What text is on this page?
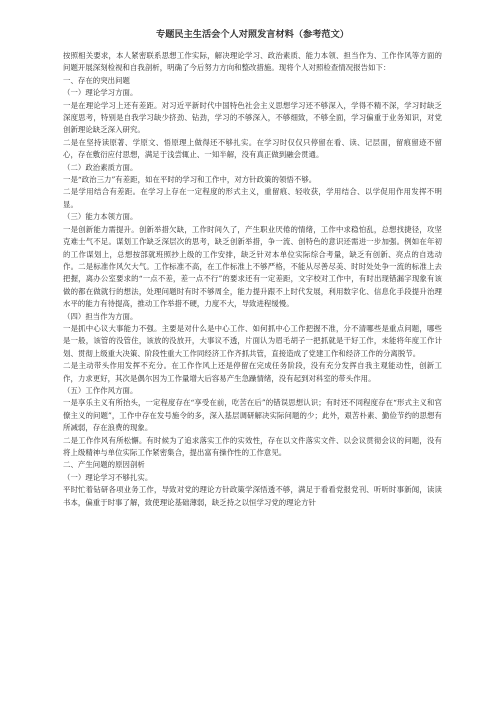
专题民主生活会个人对照发言材料（参考范文）

按照相关要求，本人紧密联系思想工作实际，解决理论学习、政治素质、能力本领、担当作为、工作作风等方面的问题开展深刻检视和自我剖析，明确了今后努力方向和整改措施。现将个人对照检查情况报告如下：

一、存在的突出问题

（一）理论学习方面。

一是在理论学习上还有差距。对习近平新时代中国特色社会主义思想学习还不够深入，学得不精不深，学习时缺乏深度思考，特别是自我学习缺少挤劲、钻劲，学习的不够深入，不够细致，不够全面，学习偏重于业务知识，对党创新理论缺乏深入研究。

二是在坚持读原著、学原文、悟原理上做得还不够扎实。在学习时仅仅只停留在看、读、记层面，留痕留迹不留心，存在敷衍应付思想，满足于浅尝辄止、一知半解，没有真正做到融会贯通。

（二）政治素质方面。

一是“政治三力”有差距，如在平时的学习和工作中，对方针政策的领悟不够。

二是学用结合有差距。在学习上存在一定程度的形式主义，重留痕、轻收获，学用结合、以学促用作用发挥不明显。

（三）能力本领方面。

一是创新能力需提升。创新举措欠缺，工作时间久了，产生职业厌倦的情绪，工作中求稳怕乱，总想找捷径，攻坚克难士气不足。谋划工作缺乏深层次的思考，缺乏创新举措，争一流、创特色的意识还需进一步加强。例如在年初的工作谋划上，总想按部就班照抄上级的工作安排，缺乏针对本单位实际综合考量，缺乏有创新、亮点的自选动作。二是标准作风欠大气。工作标准不高，在工作标准上不够严格，不能从尽善尽美、时时处处争一流的标准上去把握，离办公室要求的“一点不差，差一点不行”的要求还有一定差距，文字校对工作中，有时出现错漏字现象有该做的都在做就行的想法，处理问题时有时不够周全，能力提升跟不上时代发展，利用数字化、信息化手段提升治理水平的能力有待提高，推动工作举措不硬，力度不大，导致进程缓慢。

（四）担当作为方面。

一是抓中心议大事能力不强。主要是对什么是中心工作、如何抓中心工作把握不准，分不清哪些是重点问题，哪些是一般，该管的没管住，该放的没放开，大事议不透，片面认为眉毛胡子一把抓就是干好工作，未能将年度工作计划、贯彻上级重大决策、阶段性重大工作同经济工作齐抓共管，直接造成了党建工作和经济工作的分离脱节。

二是主动带头作用发挥不充分。在工作作风上还是停留在完成任务阶段，没有充分发挥自我主观能动性，创新工作，力求更好，其次是偶尔因为工作量增大后容易产生急躁情绪，没有起到对科室的带头作用。

（五）工作作风方面。

一是享乐主义有所抬头，一定程度存在“享受在前，吃苦在后”的错误思想认识；有时还不同程度存在“形式主义和官僚主义的问题”，工作中存在发号施令的多，深入基层调研解决实际问题的少；此外，艰苦朴素、勤俭节约的思想有所减弱，存在浪费的现象。

二是工作作风有所松懈。有时候为了追求落实工作的实效性，存在以文件落实文件、以会议贯彻会议的问题，没有将上级精神与单位实际工作紧密集合，提出富有操作性的工作意见。

二、产生问题的原因剖析

（一）理论学习不够扎实。

平时忙着钻研各项业务工作，导致对党的理论方针政策学深悟透不够，满足于看看党报党刊、听听时事新闻，读读书本，偏重于时事了解，致使理论基础薄弱，缺乏持之以恒学习党的理论方针
